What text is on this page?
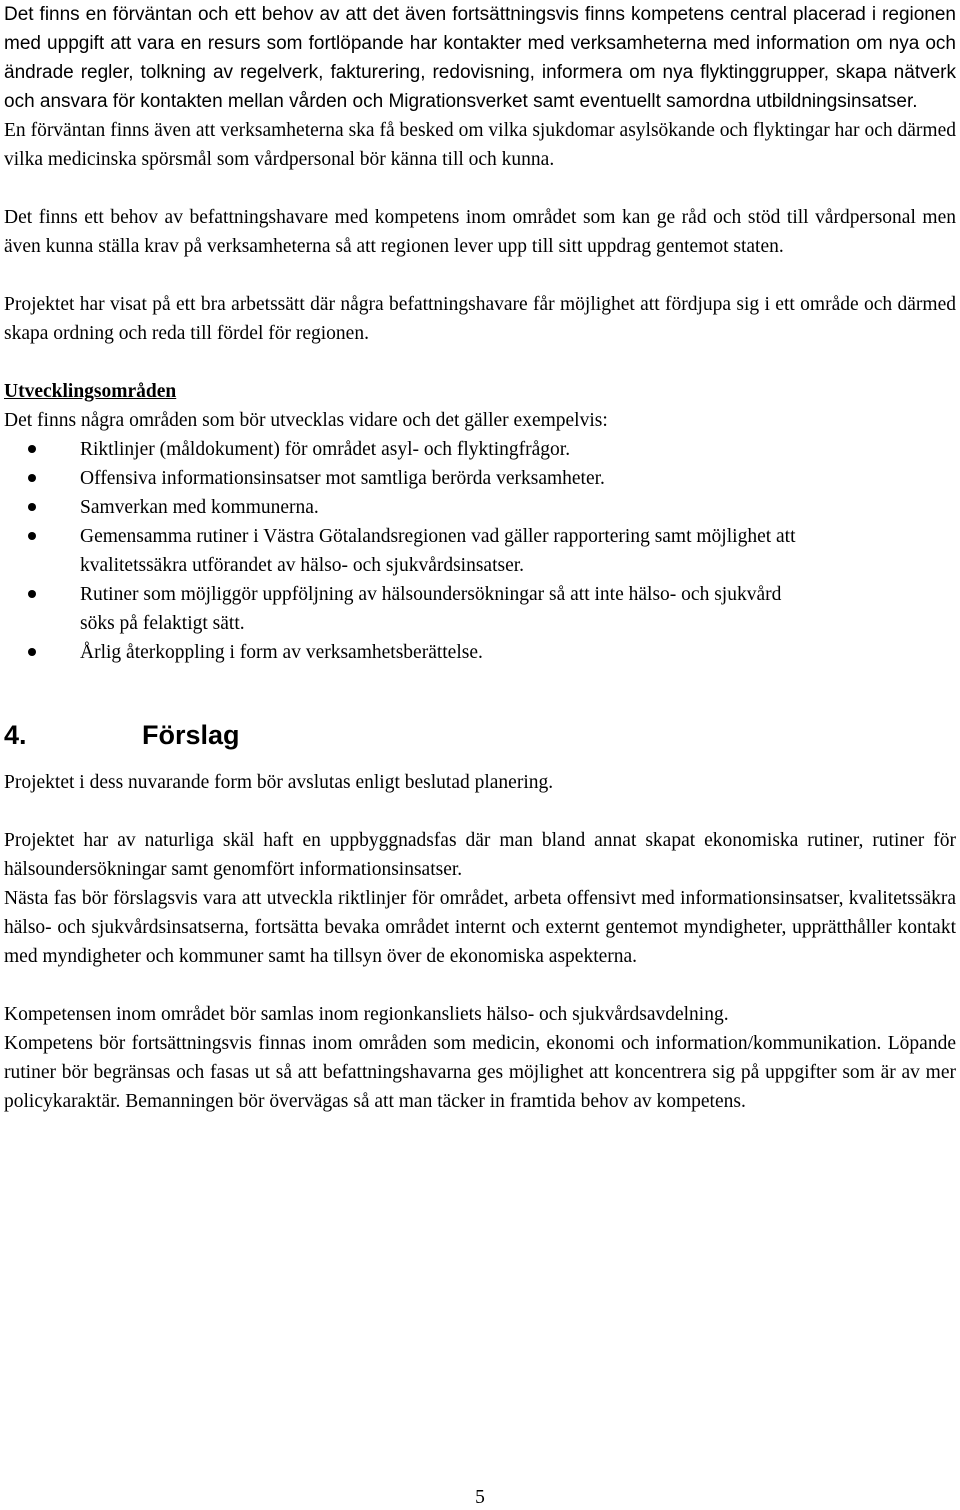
Det finns en förväntan och ett behov av att det även fortsättningsvis finns kompetens central placerad i regionen med uppgift att vara en resurs som fortlöpande har kontakter med verksamheterna med information om nya och ändrade regler, tolkning av regelverk, fakturering, redovisning, informera om nya flyktinggrupper, skapa nätverk och ansvara för kontakten mellan vården och Migrationsverket samt eventuellt samordna utbildningsinsatser.

En förväntan finns även att verksamheterna ska få besked om vilka sjukdomar asylsökande och flyktingar har och därmed vilka medicinska spörsmål som vårdpersonal bör känna till och kunna.

Det finns ett behov av befattningshavare med kompetens inom området som kan ge råd och stöd till vårdpersonal men även kunna ställa krav på verksamheterna så att regionen lever upp till sitt uppdrag gentemot staten.

Projektet har visat på ett bra arbetssätt där några befattningshavare får möjlighet att fördjupa sig i ett område och därmed skapa ordning och reda till fördel för regionen.

Utvecklingsområden

Det finns några områden som bör utvecklas vidare och det gäller exempelvis:

Riktlinjer (måldokument) för området asyl- och flyktingfrågor.
Offensiva informationsinsatser mot samtliga berörda verksamheter.
Samverkan med kommunerna.
Gemensamma rutiner i Västra Götalandsregionen vad gäller rapportering samt möjlighet att kvalitetssäkra utförandet av hälso- och sjukvårdsinsatser.
Rutiner som möjliggör uppföljning av hälsoundersökningar så att inte hälso- och sjukvård söks på felaktigt sätt.
Årlig återkoppling i form av verksamhetsberättelse.
4.	Förslag

Projektet i dess nuvarande form bör avslutas enligt beslutad planering.

Projektet har av naturliga skäl haft en uppbyggnadsfas där man bland annat skapat ekonomiska rutiner, rutiner för hälsoundersökningar samt genomfört informationsinsatser.

Nästa fas bör förslagsvis vara att utveckla riktlinjer för området, arbeta offensivt med informationsinsatser, kvalitetssäkra hälso- och sjukvårdsinsatserna, fortsätta bevaka området internt och externt gentemot myndigheter, upprätthåller kontakt med myndigheter och kommuner samt ha tillsyn över de ekonomiska aspekterna.

Kompetensen inom området bör samlas inom regionkansliets hälso- och sjukvårdsavdelning.

Kompetens bör fortsättningsvis finnas inom områden som medicin, ekonomi och information/kommunikation. Löpande rutiner bör begränsas och fasas ut så att befattningshavarna ges möjlighet att koncentrera sig på uppgifter som är av mer policykaraktär. Bemanningen bör övervägas så att man täcker in framtida behov av kompetens.

5
